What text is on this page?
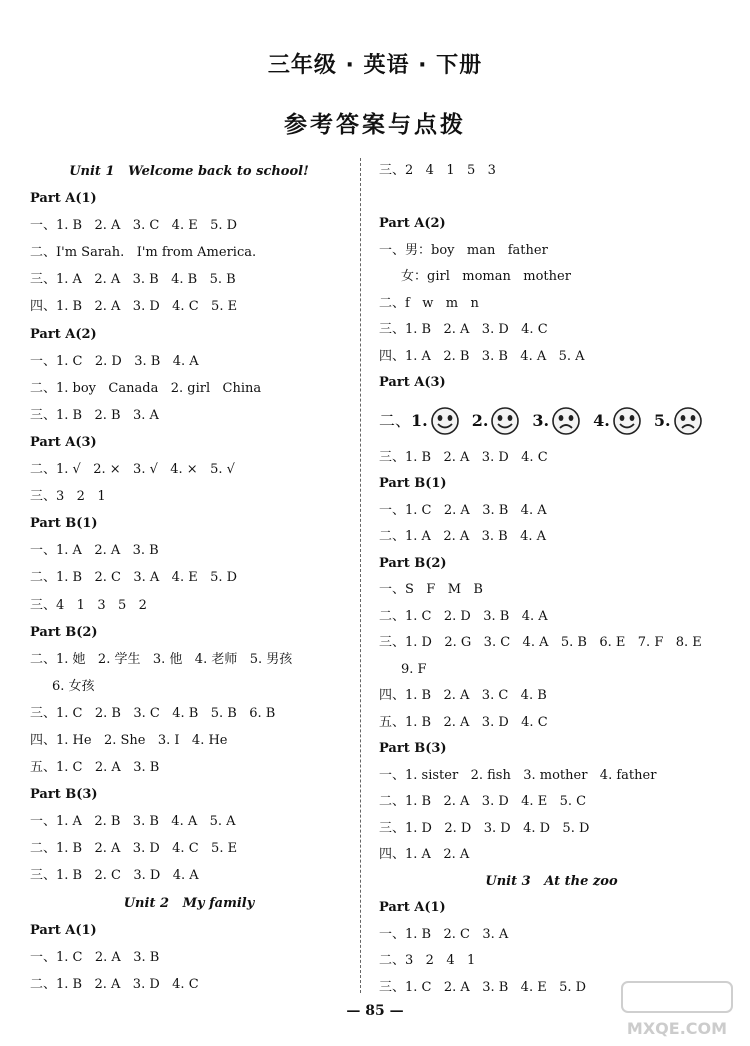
三年级 · 英语 · 下册
参考答案与点拨
Unit 1   Welcome back to school!
Part A(1)
一、1. B   2. A   3. C   4. E   5. D
二、I'm Sarah.   I'm from America.
三、1. A   2. A   3. B   4. B   5. B
四、1. B   2. A   3. D   4. C   5. E
Part A(2)
一、1. C   2. D   3. B   4. A
二、1. boy   Canada   2. girl   China
三、1. B   2. B   3. A
Part A(3)
二、1. √   2. ×   3. √   4. ×   5. √
三、3   2   1
Part B(1)
一、1. A   2. A   3. B
二、1. B   2. C   3. A   4. E   5. D
三、4   1   3   5   2
Part B(2)
二、1. 她   2. 学生   3. 他   4. 老师   5. 男孩
6. 女孩
三、1. C   2. B   3. C   4. B   5. B   6. B
四、1. He   2. She   3. I   4. He
五、1. C   2. A   3. B
Part B(3)
一、1. A   2. B   3. B   4. A   5. A
二、1. B   2. A   3. D   4. C   5. E
三、1. B   2. C   3. D   4. A
Unit 2   My family
Part A(1)
一、1. C   2. A   3. B
二、1. B   2. A   3. D   4. C
三、2   4   1   5   3
Part A(2)
一、男：boy   man   father
女：girl   moman   mother
二、f   w   m   n
三、1. B   2. A   3. D   4. C
四、1. A   2. B   3. B   4. A   5. A
Part A(3)
二、 1.	2.	3.	4.	5.
三、1. B   2. A   3. D   4. C
Part B(1)
一、1. C   2. A   3. B   4. A
二、1. A   2. A   3. B   4. A
Part B(2)
一、S   F   M   B
二、1. C   2. D   3. B   4. A
三、1. D   2. G   3. C   4. A   5. B   6. E   7. F   8. E
9. F
四、1. B   2. A   3. C   4. B
五、1. B   2. A   3. D   4. C
Part B(3)
一、1. sister   2. fish   3. mother   4. father
二、1. B   2. A   3. D   4. E   5. C
三、1. D   2. D   3. D   4. D   5. D
四、1. A   2. A
Unit 3   At the zoo
Part A(1)
一、1. B   2. C   3. A
二、3   2   4   1
三、1. C   2. A   3. B   4. E   5. D
— 85 —
MXQE.COM
